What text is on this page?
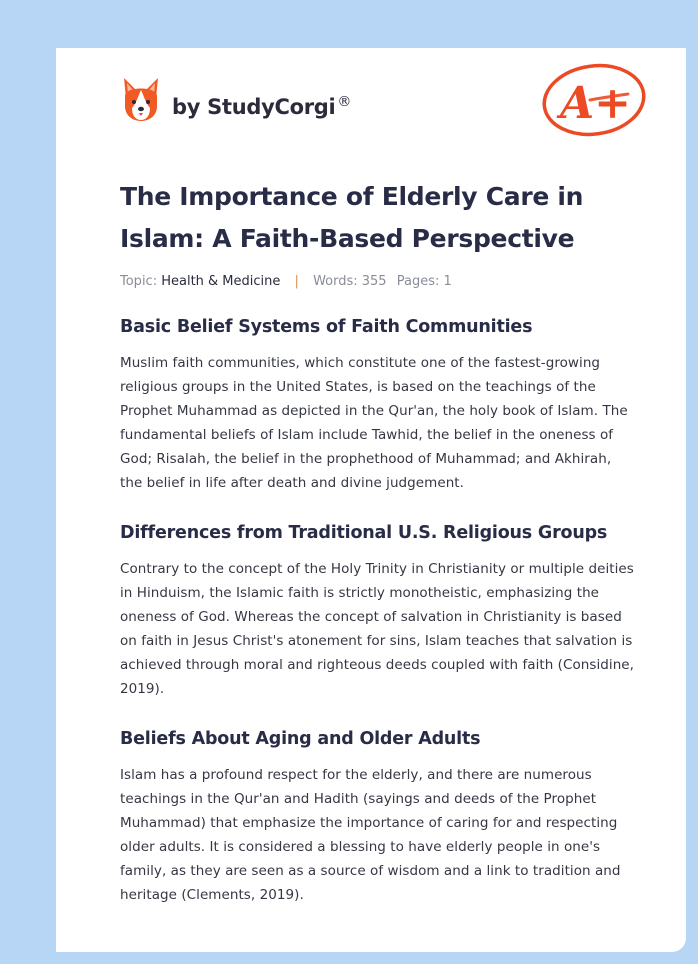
by StudyCorgi ®	A+
The Importance of Elderly Care in Islam: A Faith-Based Perspective
Topic: Health & Medicine | Words: 355 Pages: 1
Basic Belief Systems of Faith Communities

Muslim faith communities, which constitute one of the fastest-growing religious groups in the United States, is based on the teachings of the Prophet Muhammad as depicted in the Qur'an, the holy book of Islam. The fundamental beliefs of Islam include Tawhid, the belief in the oneness of God; Risalah, the belief in the prophethood of Muhammad; and Akhirah, the belief in life after death and divine judgement.

Differences from Traditional U.S. Religious Groups

Contrary to the concept of the Holy Trinity in Christianity or multiple deities in Hinduism, the Islamic faith is strictly monotheistic, emphasizing the oneness of God. Whereas the concept of salvation in Christianity is based on faith in Jesus Christ's atonement for sins, Islam teaches that salvation is achieved through moral and righteous deeds coupled with faith (Considine, 2019).

Beliefs About Aging and Older Adults

Islam has a profound respect for the elderly, and there are numerous teachings in the Qur'an and Hadith (sayings and deeds of the Prophet Muhammad) that emphasize the importance of caring for and respecting older adults. It is considered a blessing to have elderly people in one's family, as they are seen as a source of wisdom and a link to tradition and heritage (Clements, 2019).
